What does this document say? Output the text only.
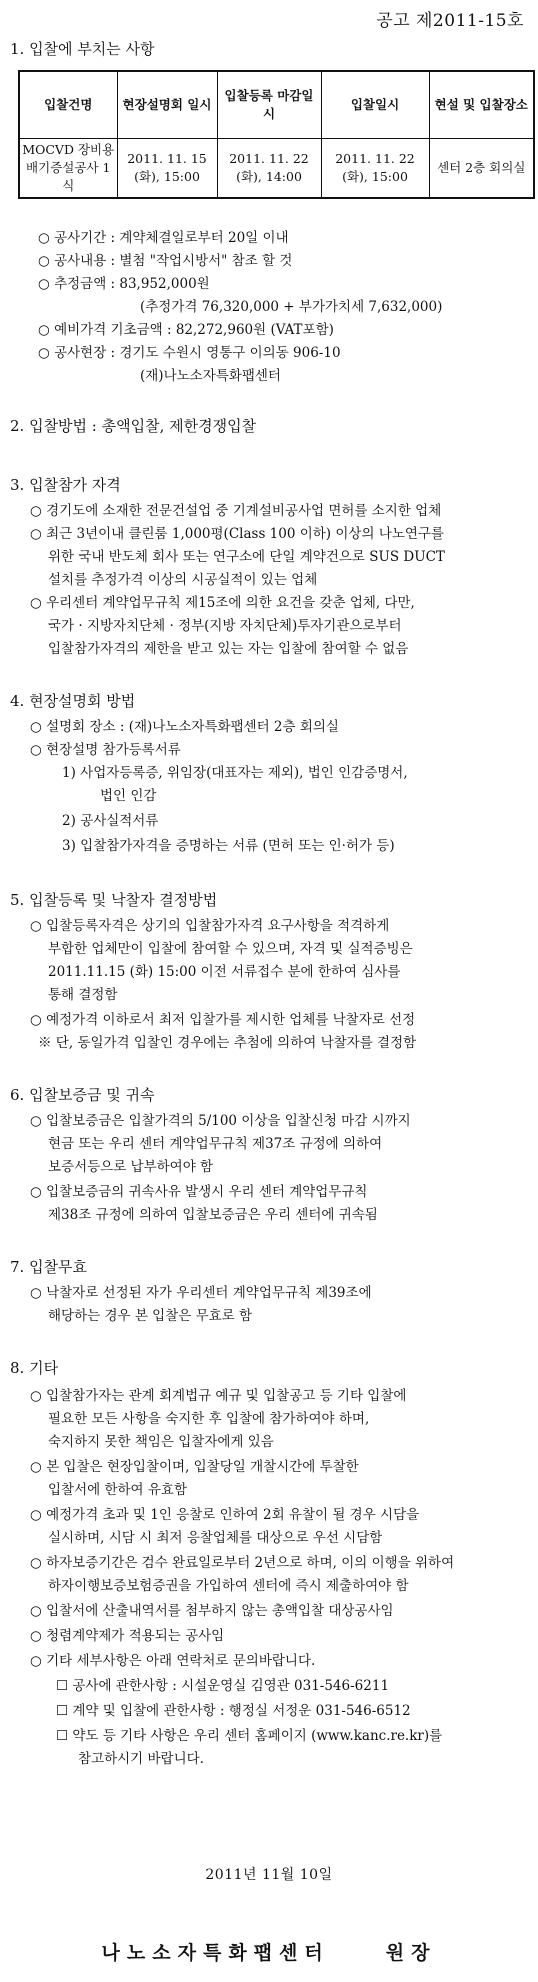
공고 제2011-15호
1. 입찰에 부치는 사항
입찰건명	현장설명회 일시	입찰등록 마감일시	입찰일시	현설 및 입찰장소
MOCVD 장비용 배기증설공사 1식	2011. 11. 15 (화), 15:00	2011. 11. 22 (화), 14:00	2011. 11. 22 (화), 15:00	센터 2층 회의실
○ 공사기간 : 계약체결일로부터 20일 이내
○ 공사내용 : 별첨 "작업시방서" 참조 할 것
○ 추정금액 : 83,952,000원
(추정가격 76,320,000 + 부가가치세 7,632,000)
○ 예비가격 기초금액 : 82,272,960원 (VAT포함)
○ 공사현장 : 경기도 수원시 영통구 이의동 906-10
(재)나노소자특화팹센터
2. 입찰방법 : 총액입찰, 제한경쟁입찰
3. 입찰참가 자격
○ 경기도에 소재한 전문건설업 중 기계설비공사업 면허를 소지한 업체
○ 최근 3년이내 클린룸 1,000평(Class 100 이하) 이상의 나노연구를
위한 국내 반도체 회사 또는 연구소에 단일 계약건으로 SUS DUCT
설치를 추정가격 이상의 시공실적이 있는 업체
○ 우리센터 계약업무규칙 제15조에 의한 요건을 갖춘 업체, 다만,
국가 · 지방자치단체 · 정부(지방 자치단체)투자기관으로부터
입찰참가자격의 제한을 받고 있는 자는 입찰에 참여할 수 없음
4. 현장설명회 방법
○ 설명회 장소 : (재)나노소자특화팹센터 2층 회의실
○ 현장설명 참가등록서류
1) 사업자등록증, 위임장(대표자는 제외), 법인 인감증명서,
법인 인감
2) 공사실적서류
3) 입찰참가자격을 증명하는 서류 (면허 또는 인·허가 등)
5. 입찰등록 및 낙찰자 결정방법
○ 입찰등록자격은 상기의 입찰참가자격 요구사항을 적격하게
부합한 업체만이 입찰에 참여할 수 있으며, 자격 및 실적증빙은
2011.11.15 (화) 15:00 이전 서류접수 분에 한하여 심사를
통해 결정함
○ 예정가격 이하로서 최저 입찰가를 제시한 업체를 낙찰자로 선정
※ 단, 동일가격 입찰인 경우에는 추첨에 의하여 낙찰자를 결정함
6. 입찰보증금 및 귀속
○ 입찰보증금은 입찰가격의 5/100 이상을 입찰신청 마감 시까지
현금 또는 우리 센터 계약업무규칙 제37조 규정에 의하여
보증서등으로 납부하여야 함
○ 입찰보증금의 귀속사유 발생시 우리 센터 계약업무규칙
제38조 규정에 의하여 입찰보증금은 우리 센터에 귀속됨
7. 입찰무효
○ 낙찰자로 선정된 자가 우리센터 계약업무규칙 제39조에
해당하는 경우 본 입찰은 무효로 함
8. 기타
○ 입찰참가자는 관계 회계법규 예규 및 입찰공고 등 기타 입찰에
필요한 모든 사항을 숙지한 후 입찰에 참가하여야 하며,
숙지하지 못한 책임은 입찰자에게 있음
○ 본 입찰은 현장입찰이며, 입찰당일 개찰시간에 투찰한
입찰서에 한하여 유효함
○ 예정가격 초과 및 1인 응찰로 인하여 2회 유찰이 될 경우 시담을
실시하며, 시담 시 최저 응찰업체를 대상으로 우선 시담함
○ 하자보증기간은 검수 완료일로부터 2년으로 하며, 이의 이행을 위하여
하자이행보증보험증권을 가입하여 센터에 즉시 제출하여야 함
○ 입찰서에 산출내역서를 첨부하지 않는 총액입찰 대상공사임
○ 청렴계약제가 적용되는 공사임
○ 기타 세부사항은 아래 연락처로 문의바랍니다.
☐ 공사에 관한사항 : 시설운영실 김영관 031-546-6211
☐ 계약 및 입찰에 관한사항 : 행정실 서정운 031-546-6512
☐ 약도 등 기타 사항은 우리 센터 홈페이지 (www.kanc.re.kr)를
참고하시기 바랍니다.
2011년 11월 10일
나노소자특화팹센터	원장
